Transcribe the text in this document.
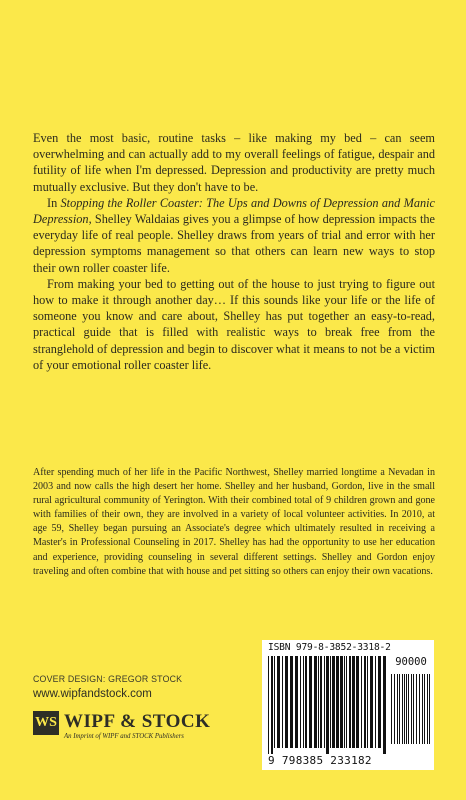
Even the most basic, routine tasks – like making my bed – can seem overwhelming and can actually add to my overall feelings of fatigue, despair and futility of life when I'm depressed. Depression and productivity are pretty much mutually exclusive. But they don't have to be.

In Stopping the Roller Coaster: The Ups and Downs of Depression and Manic Depression, Shelley Waldaias gives you a glimpse of how depression impacts the everyday life of real people. Shelley draws from years of trial and error with her depression symptoms management so that others can learn new ways to stop their own roller coaster life.

From making your bed to getting out of the house to just trying to figure out how to make it through another day… If this sounds like your life or the life of someone you know and care about, Shelley has put together an easy-to-read, practical guide that is filled with realistic ways to break free from the stranglehold of depression and begin to discover what it means to not be a victim of your emotional roller coaster life.

After spending much of her life in the Pacific Northwest, Shelley married longtime a Nevadan in 2003 and now calls the high desert her home. Shelley and her husband, Gordon, live in the small rural agricultural community of Yerington. With their combined total of 9 children grown and gone with families of their own, they are involved in a variety of local volunteer activities. In 2010, at age 59, Shelley began pursuing an Associate's degree which ultimately resulted in receiving a Master's in Professional Counseling in 2017. Shelley has had the opportunity to use her education and experience, providing counseling in several different settings. Shelley and Gordon enjoy traveling and often combine that with house and pet sitting so others can enjoy their own vacations.

COVER DESIGN: GREGOR STOCK
www.wipfandstock.com
WS WIPF & STOCK
An Imprint of WIPF and STOCK Publishers
ISBN 979-8-3852-3318-2
90000
9 798385 233182
